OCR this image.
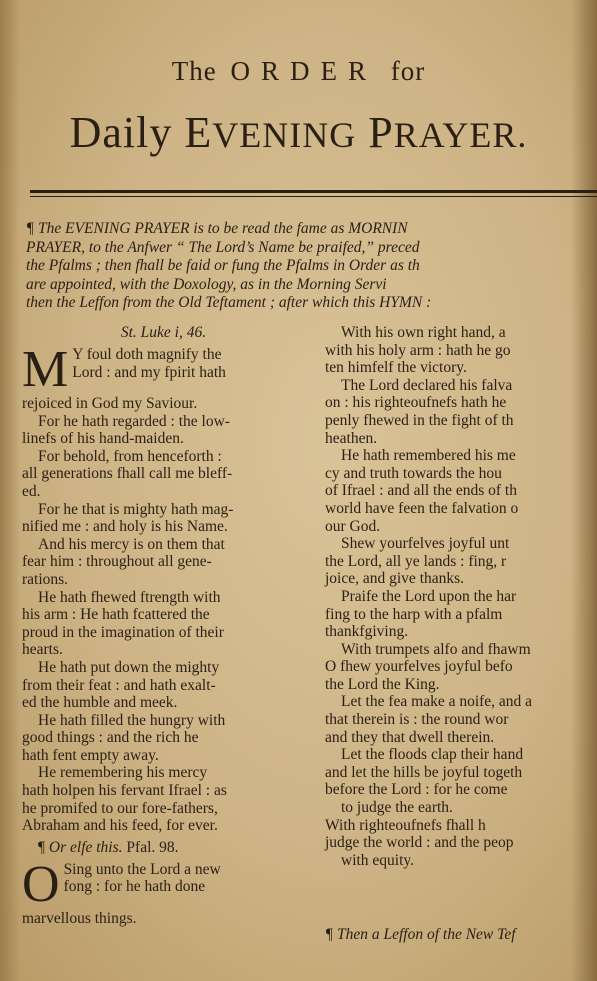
The ORDER for
Daily EVENING PRAYER.
¶ The EVENING PRAYER is to be read the fame as MORNIN
PRAYER, to the Anfwer “ The Lord’s Name be praifed,” preced
the Pfalms ; then fhall be faid or fung the Pfalms in Order as th
are appointed, with the Doxology, as in the Morning Servi
then the Leffon from the Old Teftament ; after which this HYMN :
St. Luke i, 46.
M Y foul doth magnify the
Lord : and my fpirit hath
rejoiced in God my Saviour.
For he hath regarded : the low-
linefs of his hand-maiden.
For behold, from henceforth :
all generations fhall call me bleff-
ed.
For he that is mighty hath mag-
nified me : and holy is his Name.
And his mercy is on them that
fear him : throughout all gene-
rations.
He hath fhewed ftrength with
his arm : He hath fcattered the
proud in the imagination of their
hearts.
He hath put down the mighty
from their feat : and hath exalt-
ed the humble and meek.
He hath filled the hungry with
good things : and the rich he
hath fent empty away.
He remembering his mercy
hath holpen his fervant Ifrael : as
he promifed to our fore-fathers,
Abraham and his feed, for ever.
¶ Or elfe this. Pfal. 98.
O Sing unto the Lord a new
fong : for he hath done
marvellous things.
With his own right hand, a
with his holy arm : hath he go
ten himfelf the victory.
The Lord declared his falva
on : his righteoufnefs hath he
penly fhewed in the fight of th
heathen.
He hath remembered his me
cy and truth towards the hou
of Ifrael : and all the ends of th
world have feen the falvation o
our God.
Shew yourfelves joyful unt
the Lord, all ye lands : fing, r
joice, and give thanks.
Praife the Lord upon the har
fing to the harp with a pfalm
thankfgiving.
With trumpets alfo and fhawm
O fhew yourfelves joyful befo
the Lord the King.
Let the fea make a noife, and a
that therein is : the round wor
and they that dwell therein.
Let the floods clap their hand
and let the hills be joyful togeth
before the Lord : for he come
to judge the earth.
With righteoufnefs fhall h
judge the world : and the peop
with equity.
¶ Then a Leffon of the New Tef
